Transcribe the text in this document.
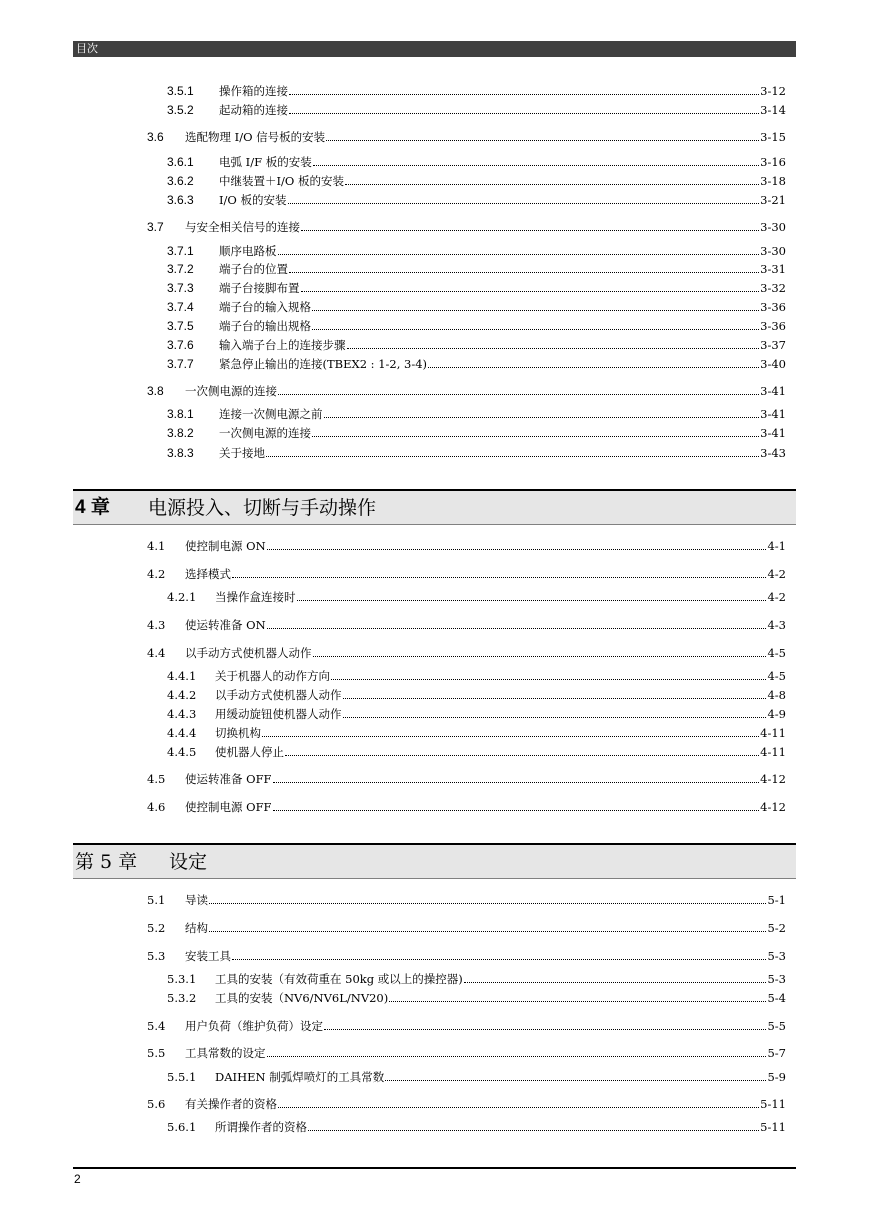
目次
3.5.1	操作箱的连接	3-12
3.5.2	起动箱的连接	3-14
3.6	选配物理 I/O 信号板的安装	3-15
3.6.1	电弧 I/F 板的安装	3-16
3.6.2	中继装置＋I/O 板的安装	3-18
3.6.3	I/O 板的安装	3-21
3.7	与安全相关信号的连接	3-30
3.7.1	顺序电路板	3-30
3.7.2	端子台的位置	3-31
3.7.3	端子台接脚布置	3-32
3.7.4	端子台的输入规格	3-36
3.7.5	端子台的输出规格	3-36
3.7.6	输入端子台上的连接步骤	3-37
3.7.7	紧急停止输出的连接(TBEX2 : 1-2, 3-4)	3-40
3.8	一次侧电源的连接	3-41
3.8.1	连接一次侧电源之前	3-41
3.8.2	一次侧电源的连接	3-41
3.8.3	关于接地	3-43
4 章 电源投入、切断与手动操作
4.1	使控制电源 ON	4-1
4.2	选择模式	4-2
4.2.1	当操作盒连接时	4-2
4.3	使运转准备 ON	4-3
4.4	以手动方式使机器人动作	4-5
4.4.1	关于机器人的动作方向	4-5
4.4.2	以手动方式使机器人动作	4-8
4.4.3	用缓动旋钮使机器人动作	4-9
4.4.4	切换机构	4-11
4.4.5	使机器人停止	4-11
4.5	使运转准备 OFF	4-12
4.6	使控制电源 OFF	4-12
第 5 章 设定
5.1	导读	5-1
5.2	结构	5-2
5.3	安装工具	5-3
5.3.1	工具的安装（有效荷重在 50kg 或以上的操控器)	5-3
5.3.2	工具的安装（NV6/NV6L/NV20)	5-4
5.4	用户负荷（维护负荷）设定	5-5
5.5	工具常数的设定	5-7
5.5.1	DAIHEN 制弧焊喷灯的工具常数	5-9
5.6	有关操作者的资格	5-11
5.6.1	所谓操作者的资格	5-11
2
